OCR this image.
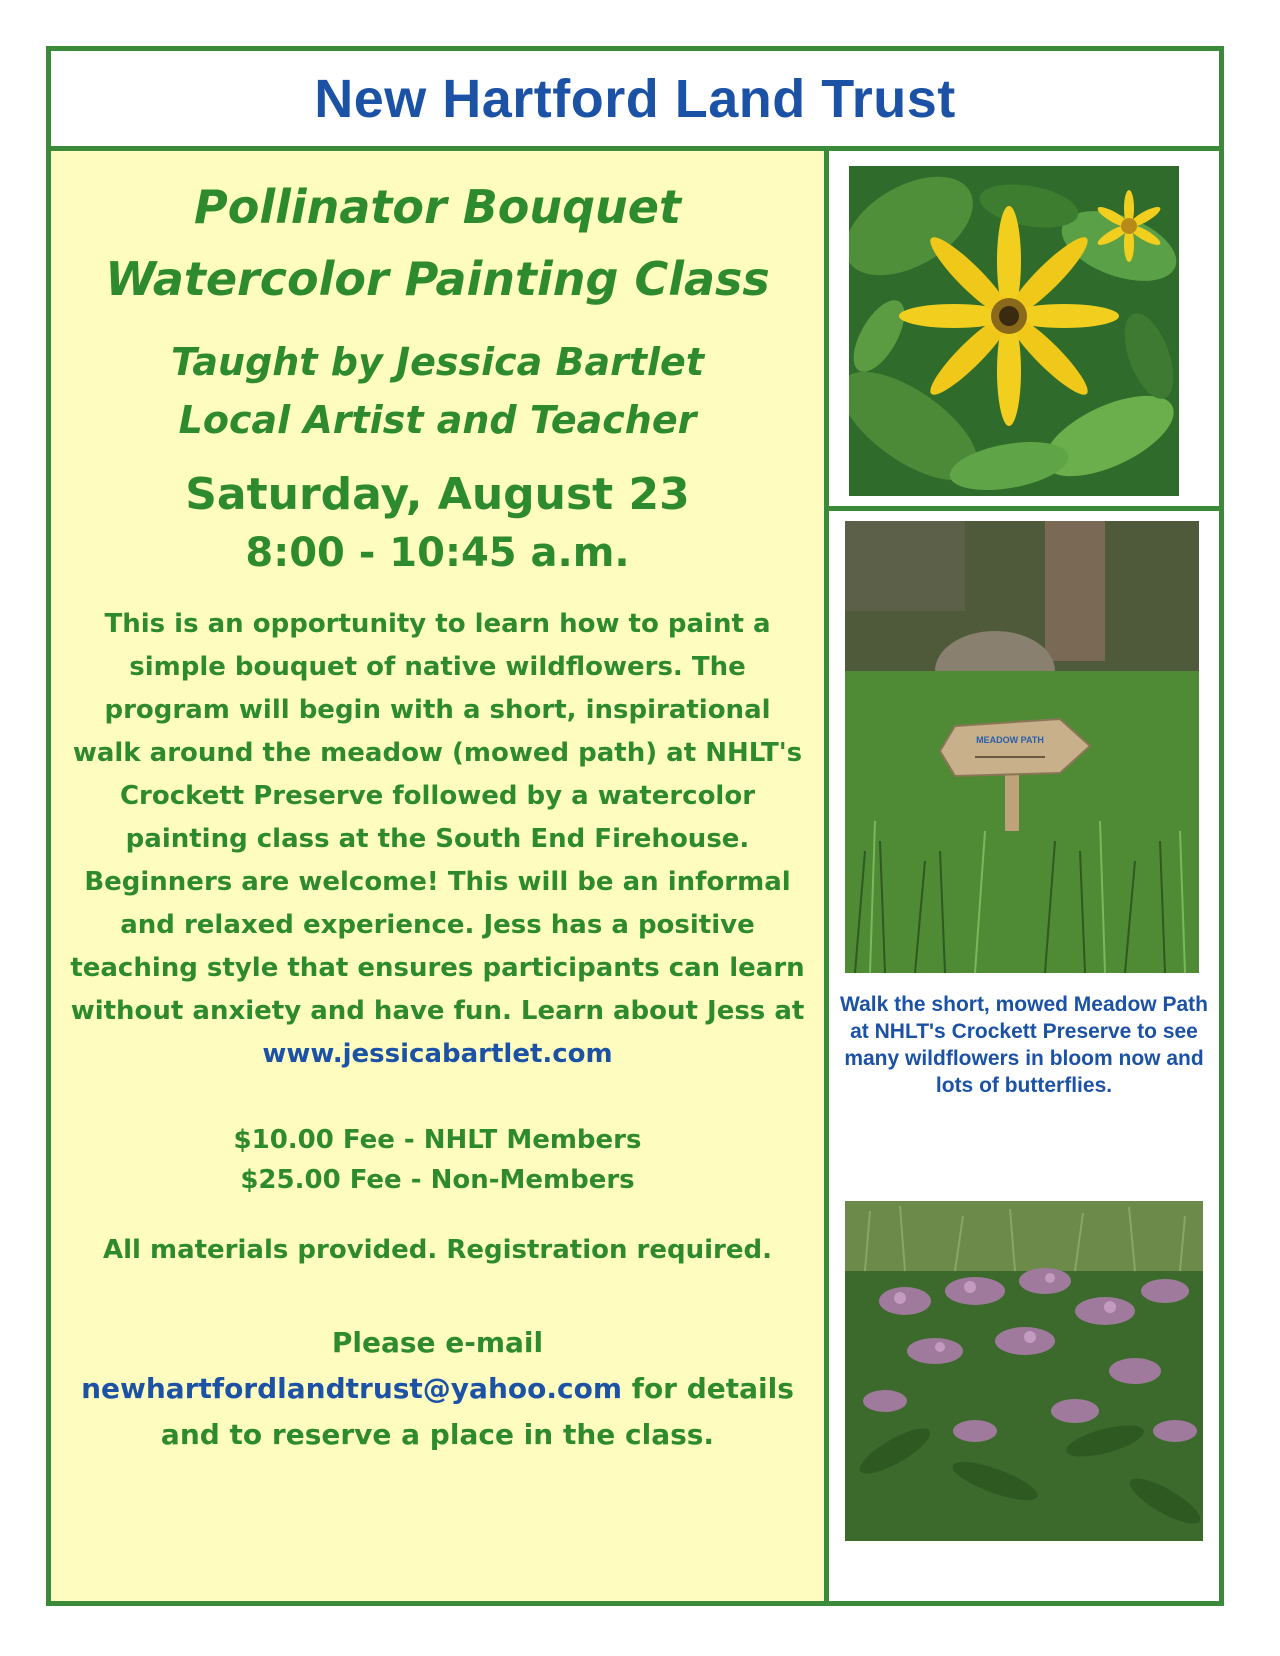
New Hartford Land Trust

Pollinator Bouquet

Watercolor Painting Class

Taught by Jessica Bartlet

Local Artist and Teacher

Saturday, August 23

8:00 - 10:45 a.m.

This is an opportunity to learn how to paint a simple bouquet of native wildflowers. The program will begin with a short, inspirational walk around the meadow (mowed path) at NHLT's Crockett Preserve followed by a watercolor painting class at the South End Firehouse. Beginners are welcome! This will be an informal and relaxed experience. Jess has a positive teaching style that ensures participants can learn without anxiety and have fun. Learn about Jess at www.jessicabartlet.com

$10.00 Fee - NHLT Members

$25.00 Fee - Non-Members

All materials provided. Registration required.

Please e-mail

newhartfordlandtrust@yahoo.com for details

and to reserve a place in the class.

MEADOW PATH
Walk the short, mowed Meadow Path at NHLT's Crockett Preserve to see many wildflowers in bloom now and lots of butterflies.
